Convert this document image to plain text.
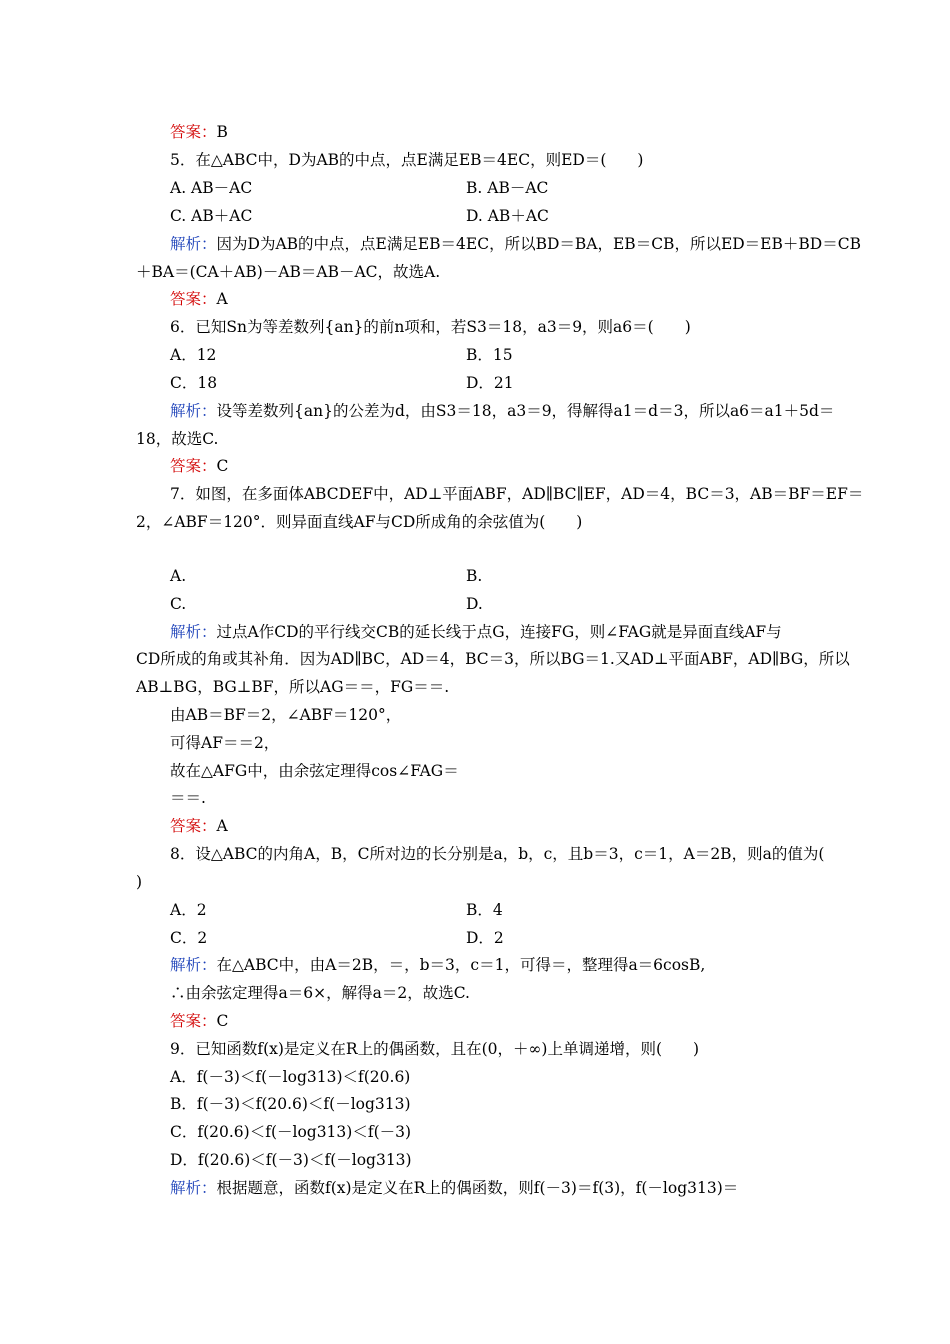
答案：B
5．在△ABC中，D为AB的中点，点E满足EB＝4EC，则ED＝(　　)
A. AB－AC	B. AB－AC
C. AB＋AC	D. AB＋AC
解析：因为D为AB的中点，点E满足EB＝4EC，所以BD＝BA，EB＝CB，所以ED＝EB＋BD＝CB
＋BA＝(CA＋AB)－AB＝AB－AC，故选A.
答案：A
6．已知Sn为等差数列{an}的前n项和，若S3＝18，a3＝9，则a6＝(　　)
A．12	B．15
C．18	D．21
解析：设等差数列{an}的公差为d，由S3＝18，a3＝9，得解得a1＝d＝3，所以a6＝a1＋5d＝
18，故选C.
答案：C
7．如图，在多面体ABCDEF中，AD⊥平面ABF，AD∥BC∥EF，AD＝4，BC＝3，AB＝BF＝EF＝
2，∠ABF＝120°．则异面直线AF与CD所成角的余弦值为(　　)
A.	B.
C.	D.
解析：过点A作CD的平行线交CB的延长线于点G，连接FG，则∠FAG就是异面直线AF与
CD所成的角或其补角．因为AD∥BC，AD＝4，BC＝3，所以BG＝1.又AD⊥平面ABF，AD∥BG，所以
AB⊥BG，BG⊥BF，所以AG＝＝，FG＝＝.
由AB＝BF＝2，∠ABF＝120°，
可得AF＝＝2，
故在△AFG中，由余弦定理得cos∠FAG＝
＝＝.
答案：A
8．设△ABC的内角A，B，C所对边的长分别是a，b，c，且b＝3，c＝1，A＝2B，则a的值为(
)
A．2	B．4
C．2	D．2
解析：在△ABC中，由A＝2B，＝，b＝3，c＝1，可得＝，整理得a＝6cosB,
∴由余弦定理得a＝6×，解得a＝2，故选C.
答案：C
9．已知函数f(x)是定义在R上的偶函数，且在(0，＋∞)上单调递增，则(　　)
A．f(－3)＜f(－log313)＜f(20.6)
B．f(－3)＜f(20.6)＜f(－log313)
C．f(20.6)＜f(－log313)＜f(－3)
D．f(20.6)＜f(－3)＜f(－log313)
解析：根据题意，函数f(x)是定义在R上的偶函数，则f(－3)＝f(3)，f(－log313)＝
